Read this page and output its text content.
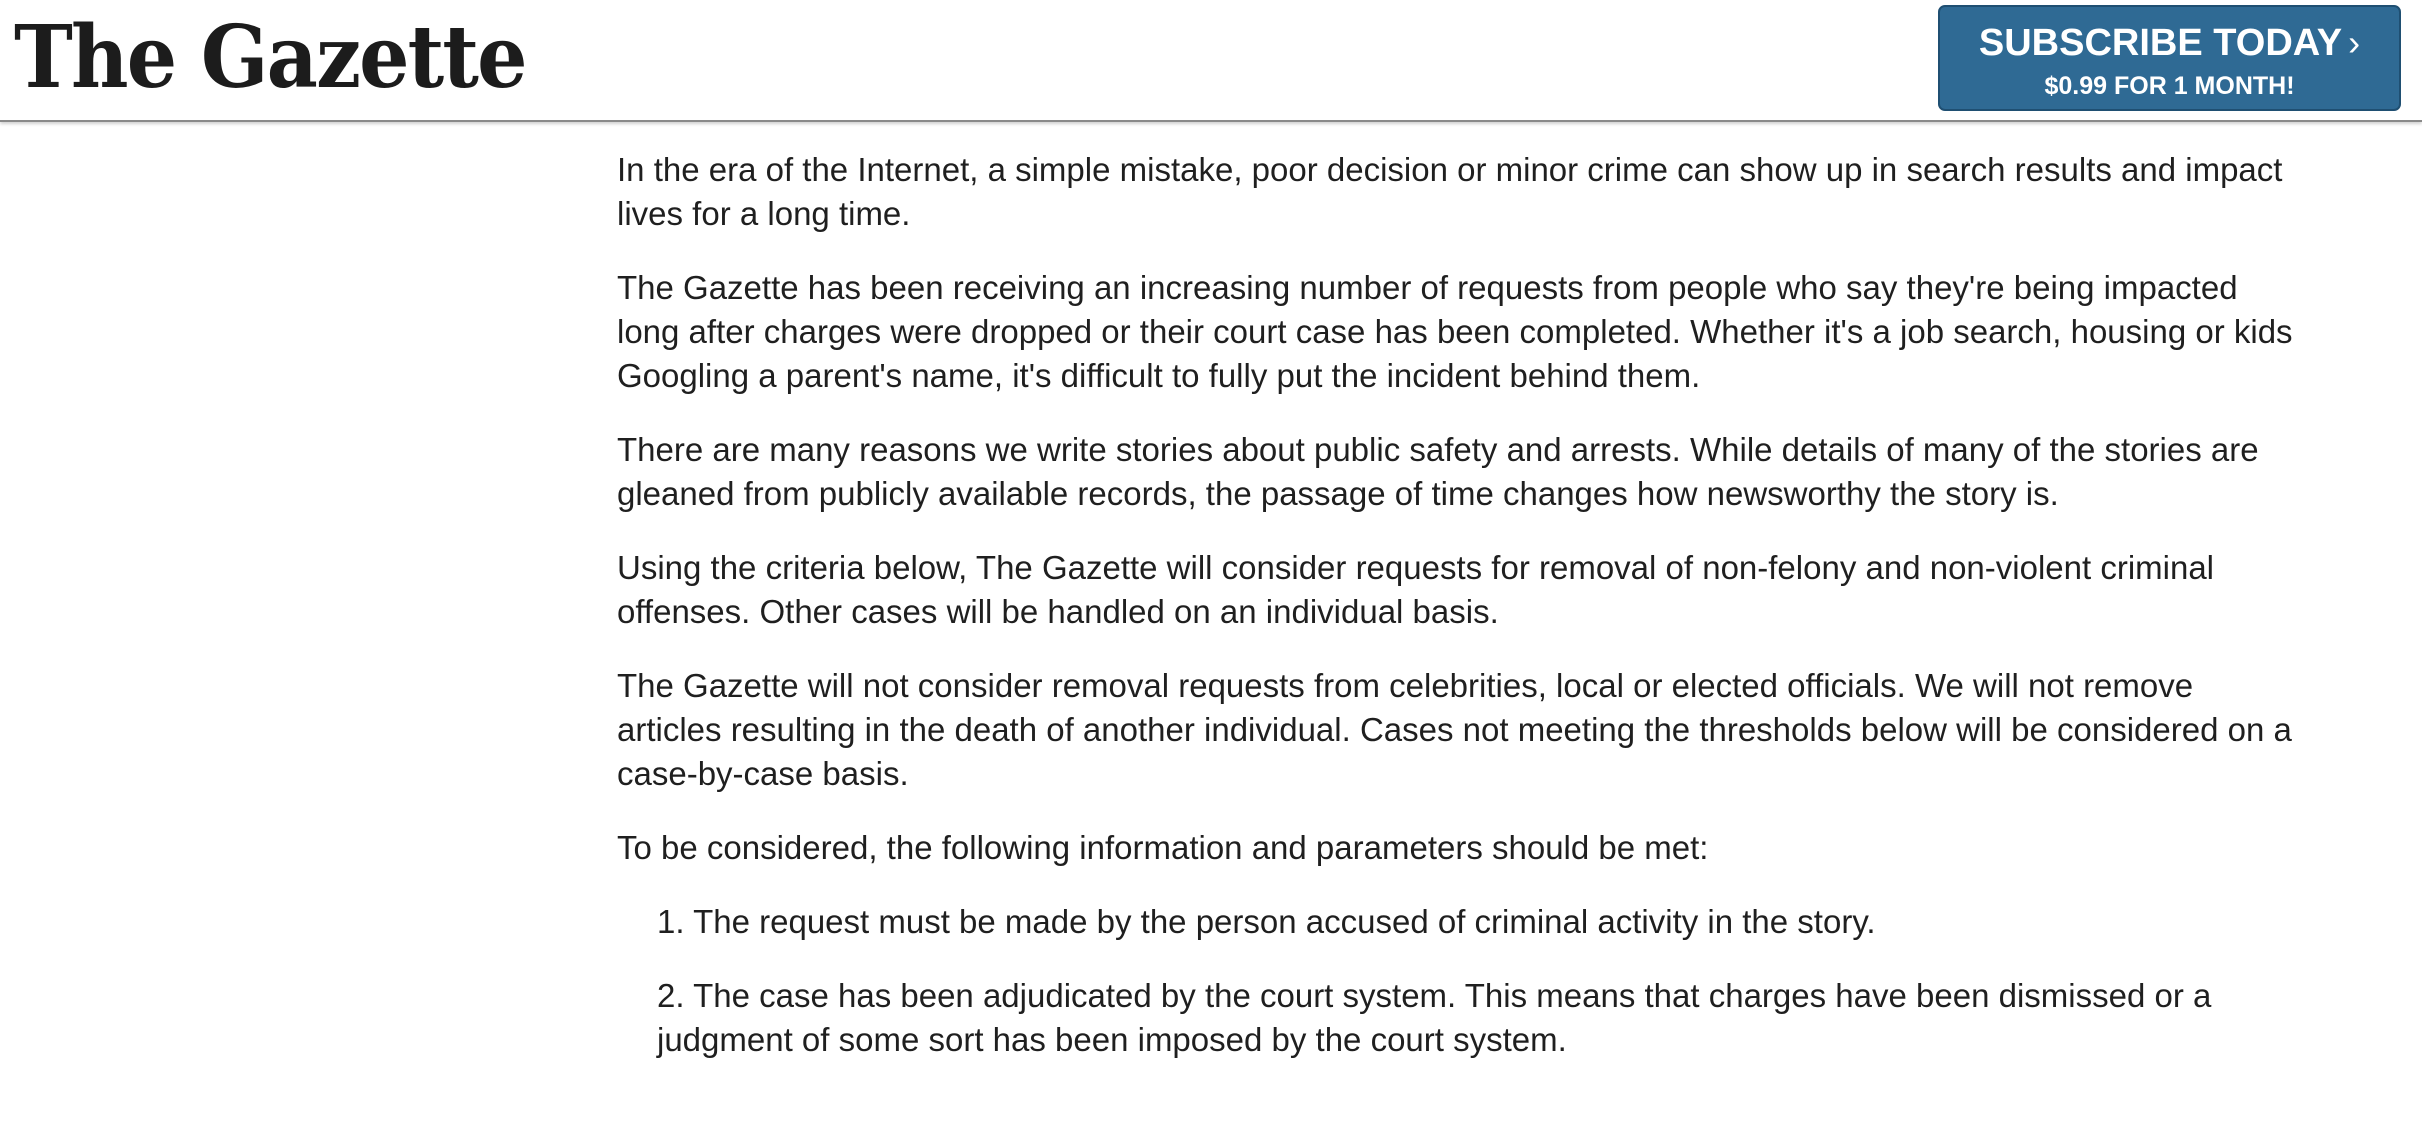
The Gazette	SUBSCRIBE TODAY ›
$0.99 FOR 1 MONTH!

In the era of the Internet, a simple mistake, poor decision or minor crime can show up in search results and impact lives for a long time.

The Gazette has been receiving an increasing number of requests from people who say they're being impacted long after charges were dropped or their court case has been completed. Whether it's a job search, housing or kids Googling a parent's name, it's difficult to fully put the incident behind them.

There are many reasons we write stories about public safety and arrests. While details of many of the stories are gleaned from publicly available records, the passage of time changes how newsworthy the story is.

Using the criteria below, The Gazette will consider requests for removal of non-felony and non-violent criminal offenses. Other cases will be handled on an individual basis.

The Gazette will not consider removal requests from celebrities, local or elected officials. We will not remove articles resulting in the death of another individual. Cases not meeting the thresholds below will be considered on a case-by-case basis.

To be considered, the following information and parameters should be met:

1. The request must be made by the person accused of criminal activity in the story.
2. The case has been adjudicated by the court system. This means that charges have been dismissed or a judgment of some sort has been imposed by the court system.
